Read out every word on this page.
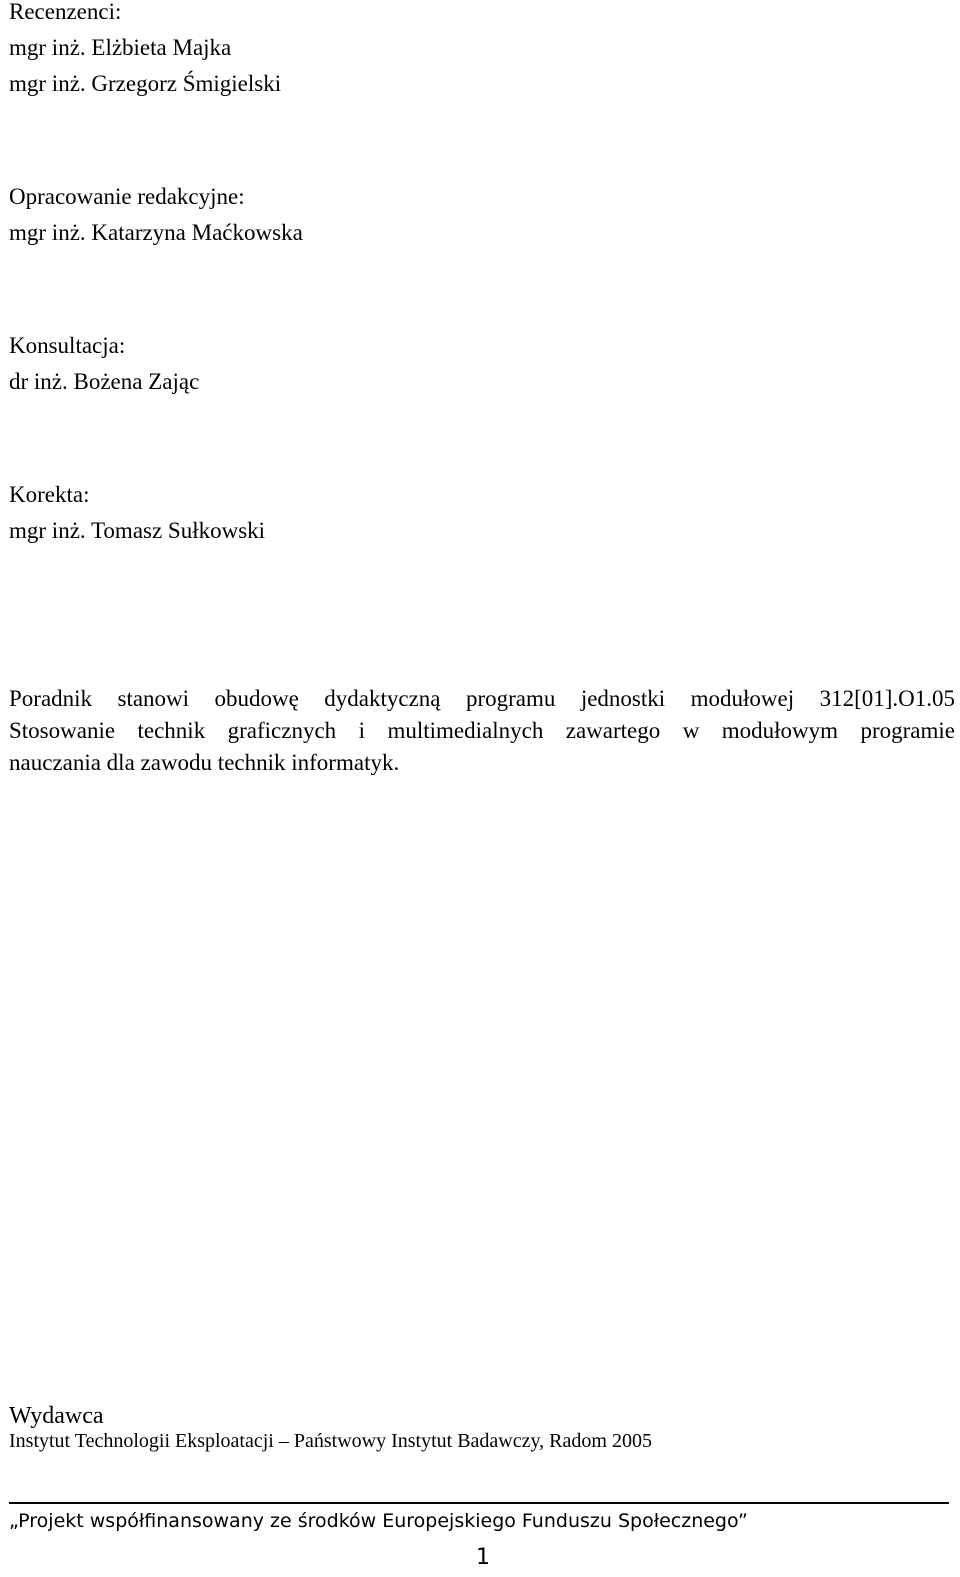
Recenzenci:
mgr inż. Elżbieta Majka
mgr inż. Grzegorz Śmigielski
Opracowanie redakcyjne:
mgr inż. Katarzyna Maćkowska
Konsultacja:
dr inż. Bożena Zając
Korekta:
mgr inż. Tomasz Sułkowski
Poradnik stanowi obudowę dydaktyczną programu jednostki modułowej 312[01].O1.05
Stosowanie technik graficznych i multimedialnych zawartego w modułowym programie
nauczania dla zawodu technik informatyk.
Wydawca
Instytut Technologii Eksploatacji – Państwowy Instytut Badawczy, Radom 2005
„Projekt współfinansowany ze środków Europejskiego Funduszu Społecznego”
1
